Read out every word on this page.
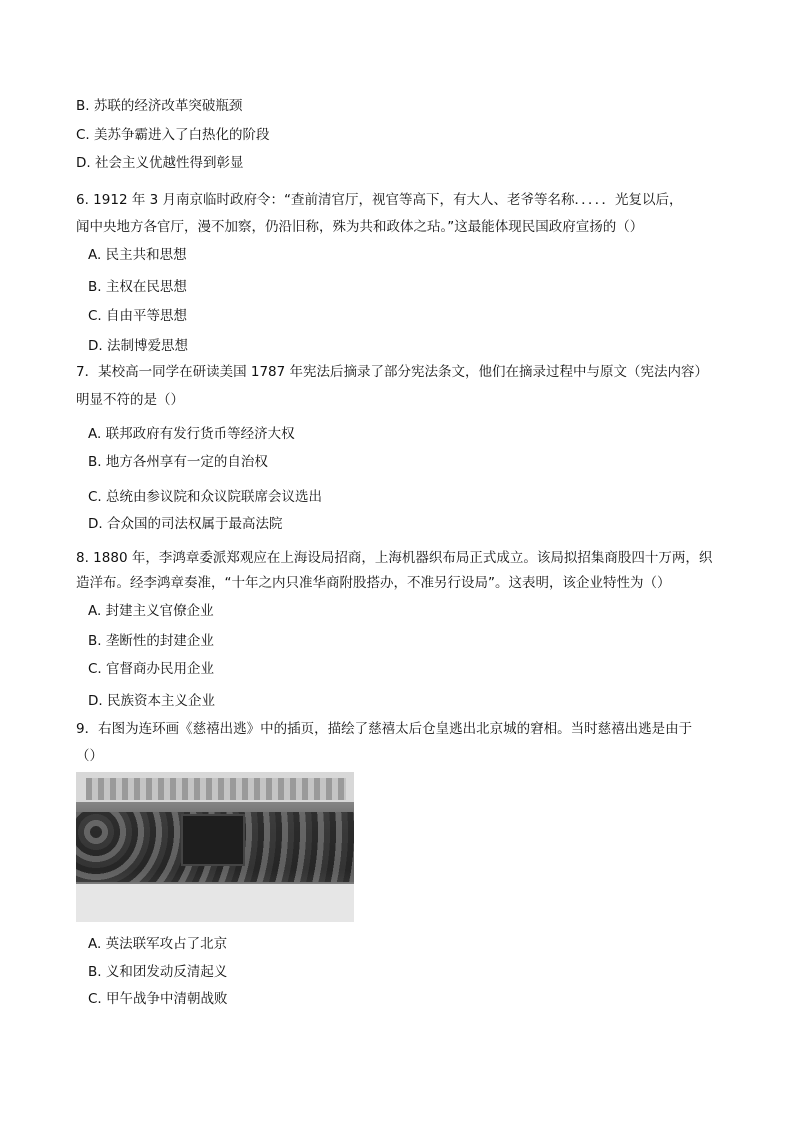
B. 苏联的经济改革突破瓶颈
C. 美苏争霸进入了白热化的阶段
D. 社会主义优越性得到彰显
6. 1912 年 3 月南京临时政府令：“查前清官厅，视官等高下，有大人、老爷等名称．．．．．光复以后，
闻中央地方各官厅，漫不加察，仍沿旧称，殊为共和政体之玷。”这最能体现民国政府宣扬的（）
A. 民主共和思想
B. 主权在民思想
C. 自由平等思想
D. 法制博爱思想
7．某校高一同学在研读美国 1787 年宪法后摘录了部分宪法条文，他们在摘录过程中与原文（宪法内容）
明显不符的是（）
A. 联邦政府有发行货币等经济大权
B. 地方各州享有一定的自治权
C. 总统由参议院和众议院联席会议选出
D. 合众国的司法权属于最高法院
8. 1880 年，李鸿章委派郑观应在上海设局招商，上海机器织布局正式成立。该局拟招集商股四十万两，织
造洋布。经李鸿章奏准，“十年之内只准华商附股搭办，不准另行设局”。这表明，该企业特性为（）
A. 封建主义官僚企业
B. 垄断性的封建企业
C. 官督商办民用企业
D. 民族资本主义企业
9．右图为连环画《慈禧出逃》中的插页，描绘了慈禧太后仓皇逃出北京城的窘相。当时慈禧出逃是由于
（）
A. 英法联军攻占了北京
B. 义和团发动反清起义
C. 甲午战争中清朝战败
